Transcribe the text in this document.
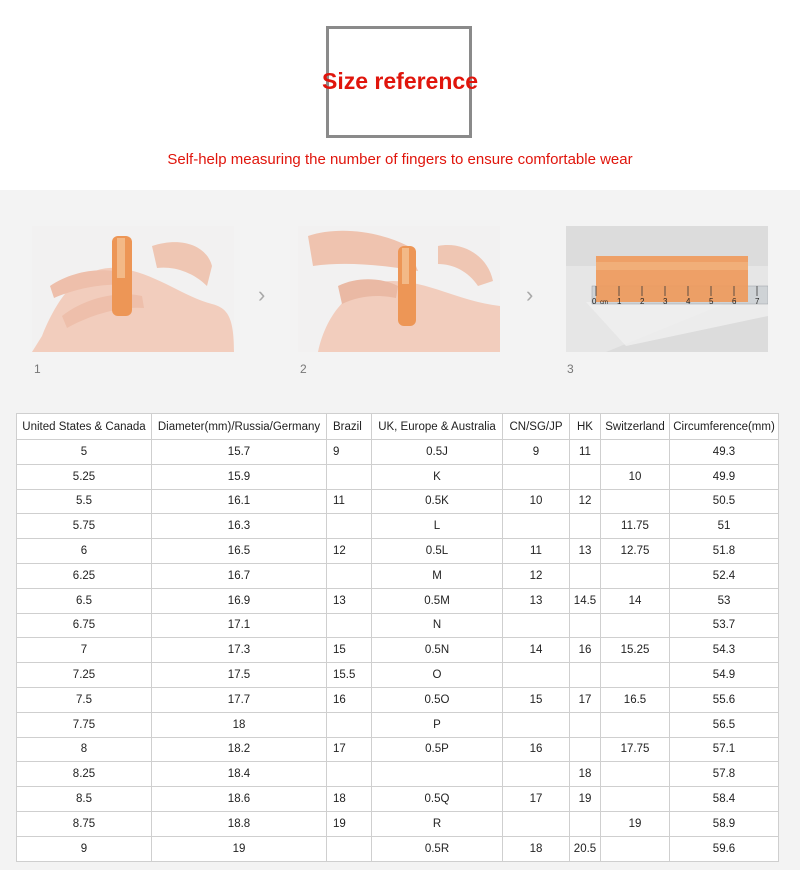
Size reference
Self-help measuring the number of fingers to ensure comfortable wear
›	›	0 cm 1 2 3 4 5 6 7
1	2	3
United States & Canada	Diameter(mm)/Russia/Germany	Brazil	UK, Europe & Australia	CN/SG/JP	HK	Switzerland	Circumference(mm)
5	15.7	9	0.5J	9	11		49.3
5.25	15.9		K			10	49.9
5.5	16.1	11	0.5K	10	12		50.5
5.75	16.3		L			11.75	51
6	16.5	12	0.5L	11	13	12.75	51.8
6.25	16.7		M	12			52.4
6.5	16.9	13	0.5M	13	14.5	14	53
6.75	17.1		N				53.7
7	17.3	15	0.5N	14	16	15.25	54.3
7.25	17.5	15.5	O				54.9
7.5	17.7	16	0.5O	15	17	16.5	55.6
7.75	18		P				56.5
8	18.2	17	0.5P	16		17.75	57.1
8.25	18.4				18		57.8
8.5	18.6	18	0.5Q	17	19		58.4
8.75	18.8	19	R			19	58.9
9	19		0.5R	18	20.5		59.6
